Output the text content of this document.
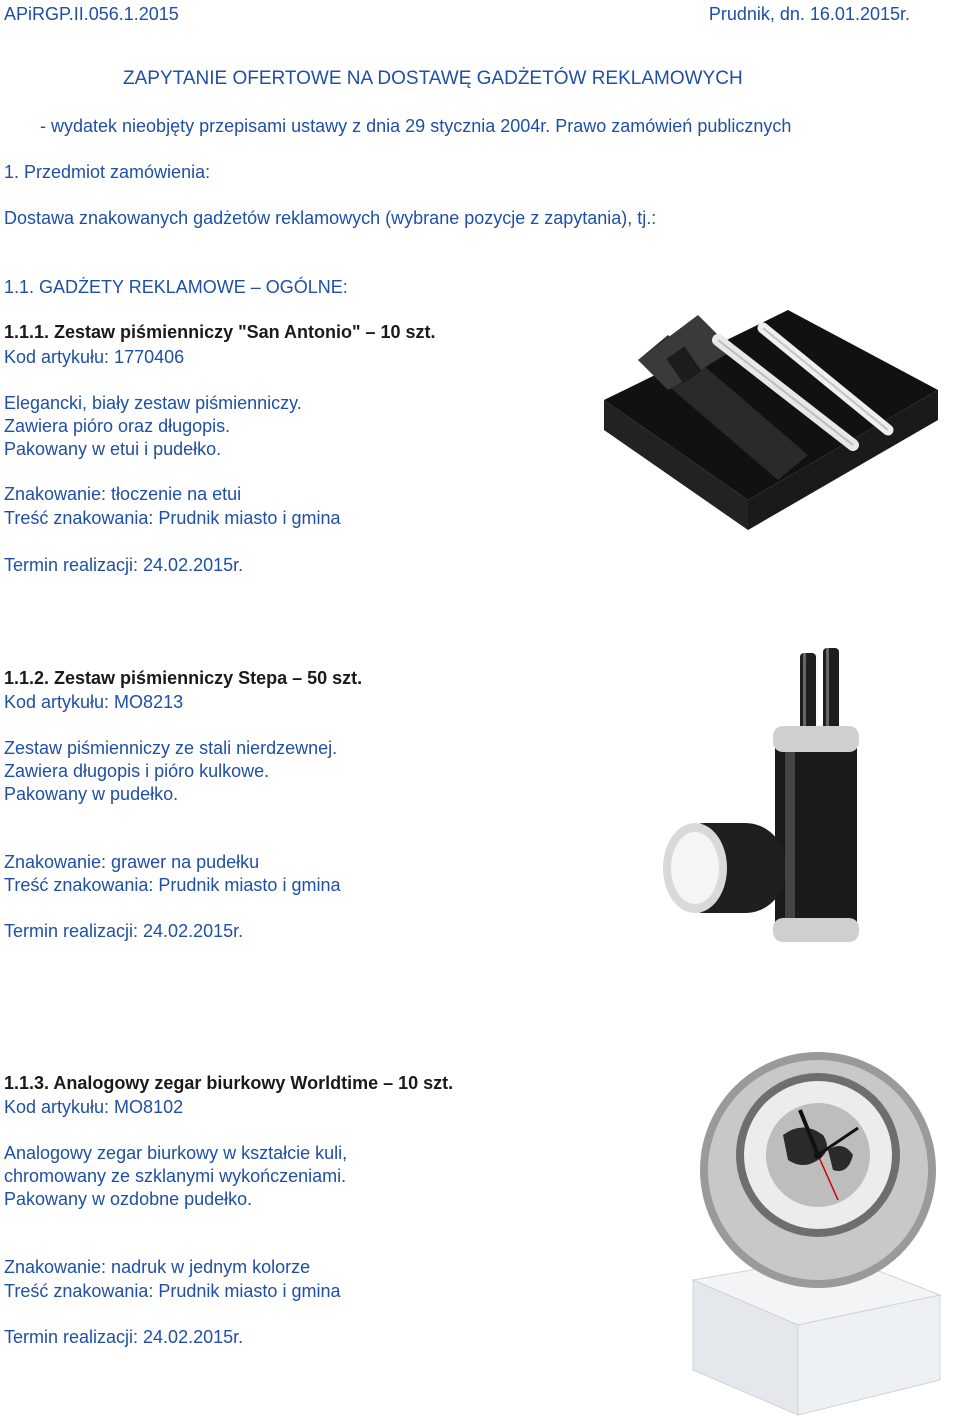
APiRGP.II.056.1.2015	Prudnik, dn. 16.01.2015r.
ZAPYTANIE OFERTOWE NA DOSTAWĘ GADŻETÓW REKLAMOWYCH
- wydatek nieobjęty przepisami ustawy z dnia 29 stycznia 2004r. Prawo zamówień publicznych
1. Przedmiot zamówienia:
Dostawa znakowanych gadżetów reklamowych (wybrane pozycje z zapytania), tj.:
1.1. GADŻETY REKLAMOWE – OGÓLNE:
1.1.1. Zestaw piśmienniczy "San Antonio" – 10 szt.
Kod artykułu: 1770406
Elegancki, biały zestaw piśmienniczy.
Zawiera pióro oraz długopis.
Pakowany w etui i pudełko.
Znakowanie: tłoczenie na etui
Treść znakowania: Prudnik miasto i gmina
Termin realizacji: 24.02.2015r.
1.1.2. Zestaw piśmienniczy Stepa – 50 szt.
Kod artykułu: MO8213
Zestaw piśmienniczy ze stali nierdzewnej.
Zawiera długopis i pióro kulkowe.
Pakowany w pudełko.
Znakowanie: grawer na pudełku
Treść znakowania: Prudnik miasto i gmina
Termin realizacji: 24.02.2015r.
1.1.3. Analogowy zegar biurkowy Worldtime – 10 szt.
Kod artykułu: MO8102
Analogowy zegar biurkowy w kształcie kuli,
chromowany ze szklanymi wykończeniami.
Pakowany w ozdobne pudełko.
Znakowanie: nadruk w jednym kolorze
Treść znakowania: Prudnik miasto i gmina
Termin realizacji: 24.02.2015r.
